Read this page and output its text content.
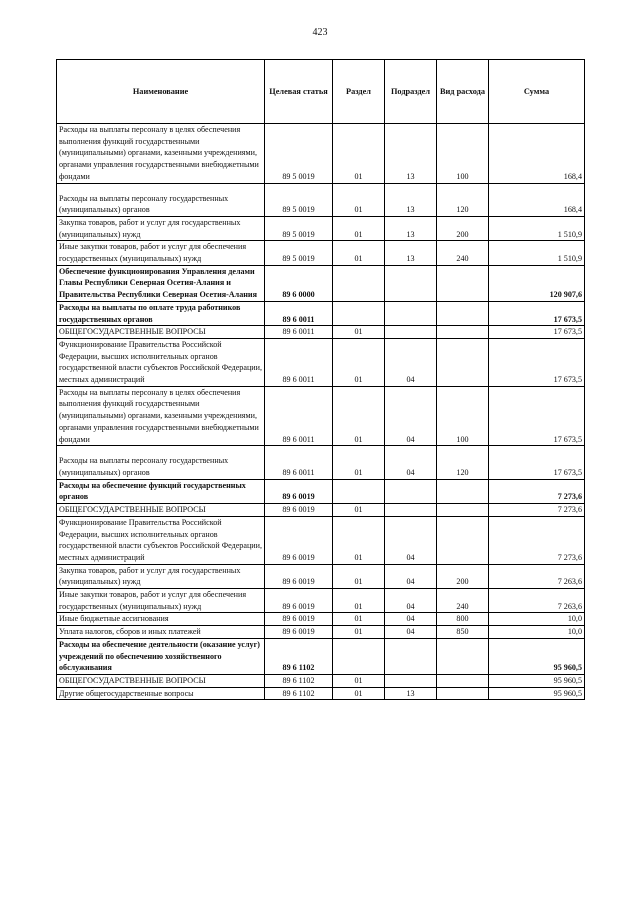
423
Наименование	Целевая статья	Раздел	Подраздел	Вид расхода	Сумма
Расходы на выплаты персоналу в целях обеспечения выполнения функций государственными (муниципальными) органами, казенными учреждениями, органами управления государственными внебюджетными фондами	89 5 0019	01	13	100	168,4
Расходы на выплаты персоналу государственных (муниципальных) органов	89 5 0019	01	13	120	168,4
Закупка товаров, работ и услуг для государственных (муниципальных) нужд	89 5 0019	01	13	200	1 510,9
Иные закупки товаров, работ и услуг для обеспечения государственных (муниципальных) нужд	89 5 0019	01	13	240	1 510,9
Обеспечение функционирования Управления делами Главы Республики Северная Осетия-Алания и Правительства Республики Северная Осетия-Алания	89 6 0000				120 907,6
Расходы на выплаты по оплате труда работников государственных органов	89 6 0011				17 673,5
ОБЩЕГОСУДАРСТВЕННЫЕ ВОПРОСЫ	89 6 0011	01			17 673,5
Функционирование Правительства Российской Федерации, высших исполнительных органов государственной власти субъектов Российской Федерации, местных администраций	89 6 0011	01	04		17 673,5
Расходы на выплаты персоналу в целях обеспечения выполнения функций государственными (муниципальными) органами, казенными учреждениями, органами управления государственными внебюджетными фондами	89 6 0011	01	04	100	17 673,5
Расходы на выплаты персоналу государственных (муниципальных) органов	89 6 0011	01	04	120	17 673,5
Расходы на обеспечение функций государственных органов	89 6 0019				7 273,6
ОБЩЕГОСУДАРСТВЕННЫЕ ВОПРОСЫ	89 6 0019	01			7 273,6
Функционирование Правительства Российской Федерации, высших исполнительных органов государственной власти субъектов Российской Федерации, местных администраций	89 6 0019	01	04		7 273,6
Закупка товаров, работ и услуг для государственных (муниципальных) нужд	89 6 0019	01	04	200	7 263,6
Иные закупки товаров, работ и услуг для обеспечения государственных (муниципальных) нужд	89 6 0019	01	04	240	7 263,6
Иные бюджетные ассигнования	89 6 0019	01	04	800	10,0
Уплата налогов, сборов и иных платежей	89 6 0019	01	04	850	10,0
Расходы на обеспечение деятельности (оказание услуг) учреждений по обеспечению хозяйственного обслуживания	89 6 1102				95 960,5
ОБЩЕГОСУДАРСТВЕННЫЕ ВОПРОСЫ	89 6 1102	01			95 960,5
Другие общегосударственные вопросы	89 6 1102	01	13		95 960,5
